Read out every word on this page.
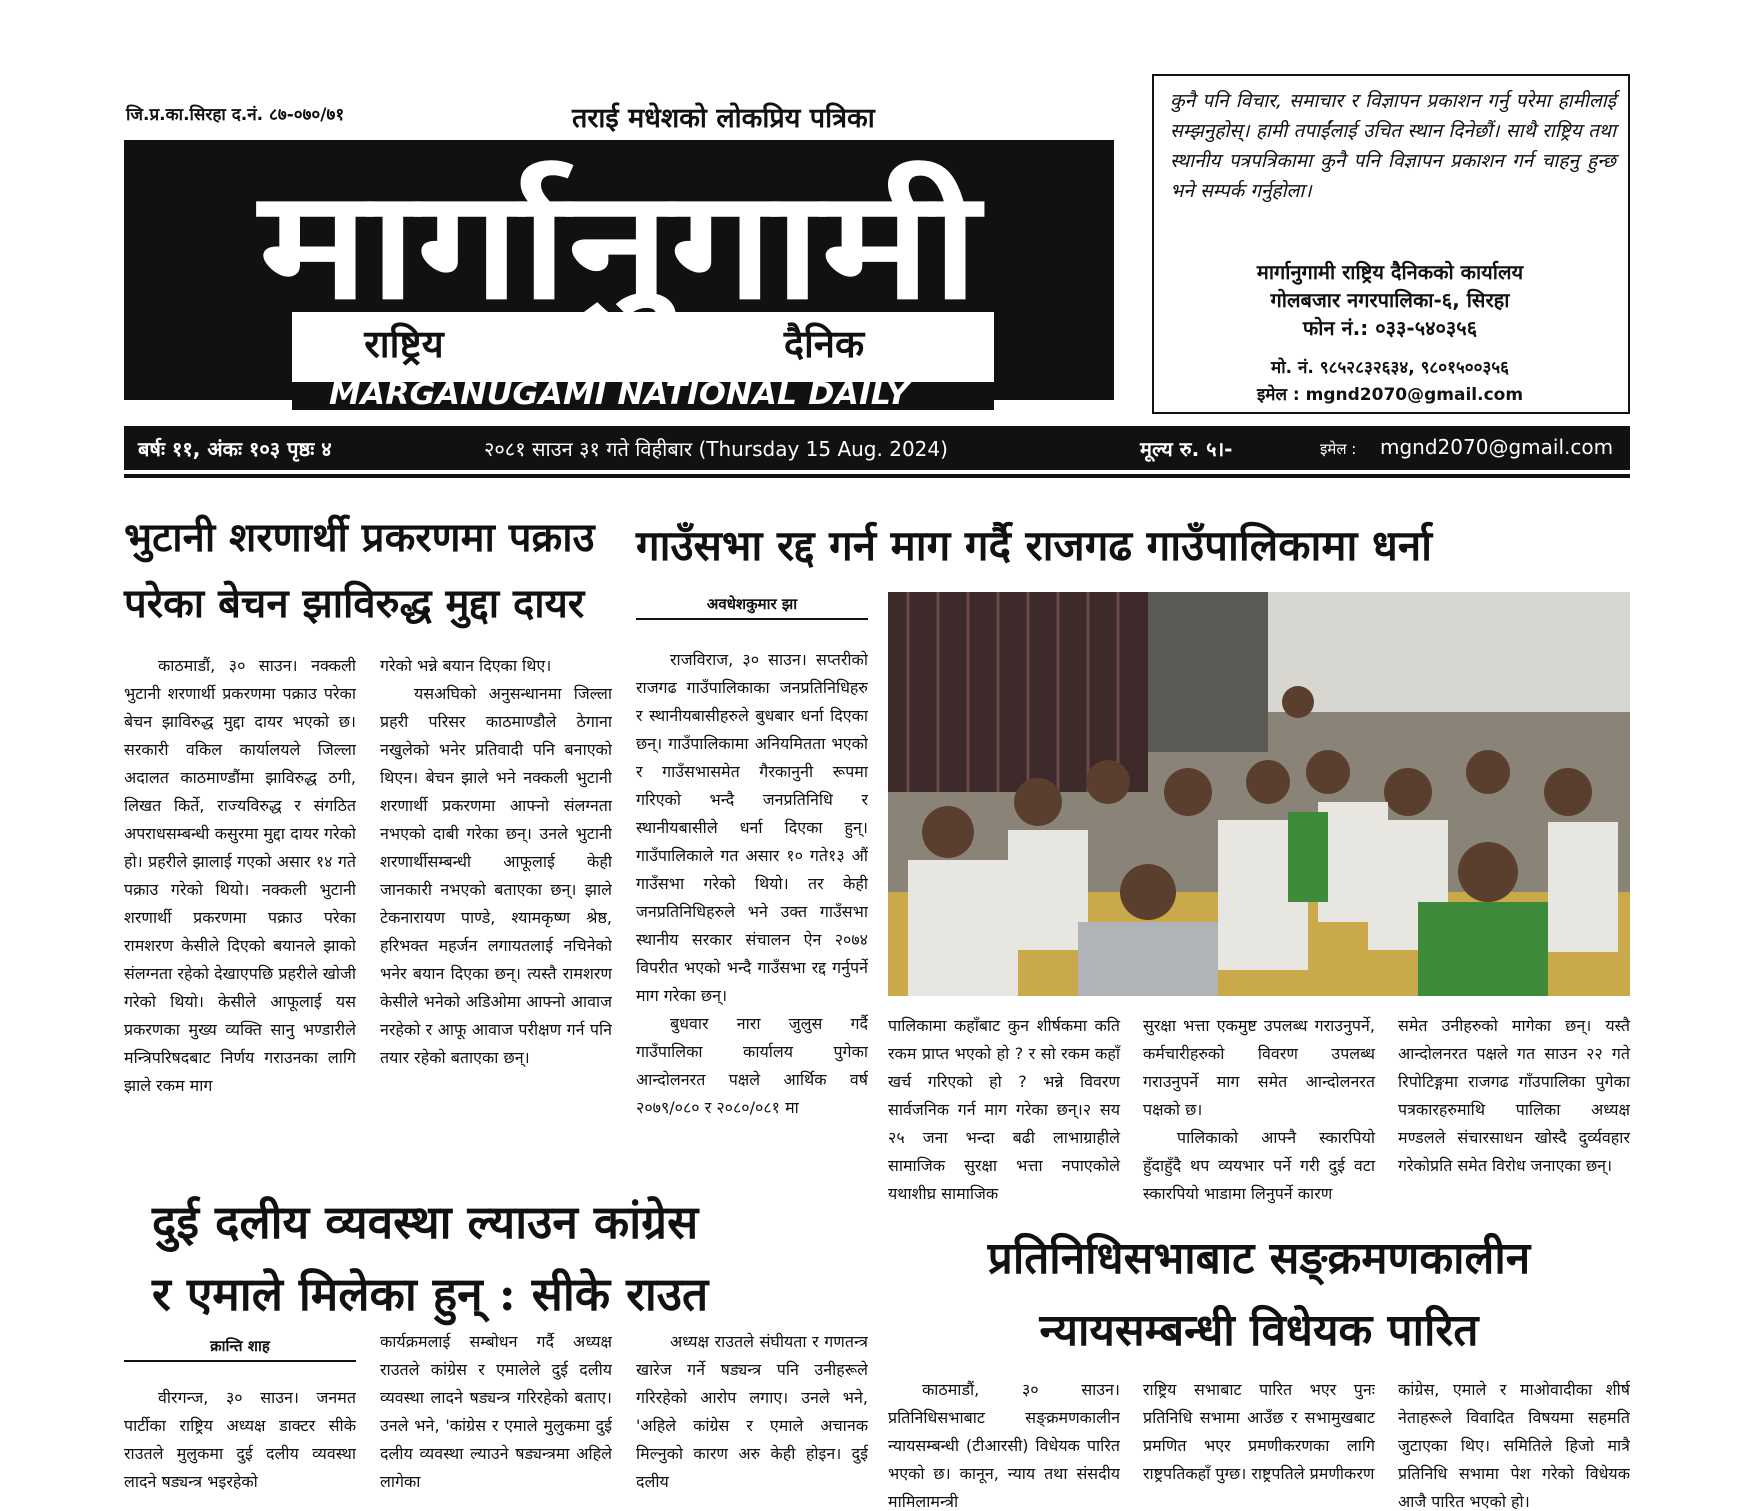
जि.प्र.का.सिरहा द.नं. ८७-०७०/७१
मार्गानुगामी
राष्ट्रिय	दैनिक
MARGANUGAMI NATIONAL DAILY
तराई मधेशको लोकप्रिय पत्रिका
कुनै पनि विचार, समाचार र विज्ञापन प्रकाशन गर्नु परेमा हामीलाई सम्झनुहोस्। हामी तपाईंलाई उचित स्थान दिनेछौं। साथै राष्ट्रिय तथा स्थानीय पत्रपत्रिकामा कुनै पनि विज्ञापन प्रकाशन गर्न चाहनु हुन्छ भने सम्पर्क गर्नुहोला।
मार्गानुगामी राष्ट्रिय दैनिकको कार्यालय
गोलबजार नगरपालिका-६, सिरहा
फोन नं.: ०३३-५४०३५६
मो. नं. ९८५२८३२६३४, ९८०१५००३५६
इमेल : mgnd2070@gmail.com
बर्षः ११, अंकः १०३ पृष्ठः ४	२०८१ साउन ३१ गते विहीबार (Thursday 15 Aug. 2024)	मूल्य रु. ५।-	इमेल : mgnd2070@gmail.com
भुटानी शरणार्थी प्रकरणमा पक्राउ
परेका बेचन झाविरुद्ध मुद्दा दायर

काठमाडौं, ३० साउन। नक्कली भुटानी शरणार्थी प्रकरणमा पक्राउ परेका बेचन झाविरुद्ध मुद्दा दायर भएको छ। सरकारी वकिल कार्यालयले जिल्ला अदालत काठमाण्डौंमा झाविरुद्ध ठगी, लिखत किर्ते, राज्यविरुद्ध र संगठित अपराधसम्बन्धी कसुरमा मुद्दा दायर गरेको हो। प्रहरीले झालाई गएको असार १४ गते पक्राउ गरेको थियो। नक्कली भुटानी शरणार्थी प्रकरणमा पक्राउ परेका रामशरण केसीले दिएको बयानले झाको संलग्नता रहेको देखाएपछि प्रहरीले खोजी गरेको थियो। केसीले आफूलाई यस प्रकरणका मुख्य व्यक्ति सानु भण्डारीले मन्त्रिपरिषदबाट निर्णय गराउनका लागि झाले रकम माग

गरेको भन्ने बयान दिएका थिए।

यसअघिको अनुसन्धानमा जिल्ला प्रहरी परिसर काठमाण्डौले ठेगाना नखुलेको भनेर प्रतिवादी पनि बनाएको थिएन। बेचन झाले भने नक्कली भुटानी शरणार्थी प्रकरणमा आफ्नो संलग्नता नभएको दाबी गरेका छन्। उनले भुटानी शरणार्थीसम्बन्धी आफूलाई केही जानकारी नभएको बताएका छन्। झाले टेकनारायण पाण्डे, श्यामकृष्ण श्रेष्ठ, हरिभक्त महर्जन लगायतलाई नचिनेको भनेर बयान दिएका छन्। त्यस्तै रामशरण केसीले भनेको अडिओमा आफ्नो आवाज नरहेको र आफू आवाज परीक्षण गर्न पनि तयार रहेको बताएका छन्।

गाउँसभा रद्द गर्न माग गर्दै राजगढ गाउँपालिकामा धर्ना
अवधेशकुमार झा

राजविराज, ३० साउन। सप्तरीको राजगढ गाउँपालिकाका जनप्रतिनिधिहरु र स्थानीयबासीहरुले बुधबार धर्ना दिएका छन्। गाउँपालिकामा अनियमितता भएको र गाउँसभासमेत गैरकानुनी रूपमा गरिएको भन्दै जनप्रतिनिधि र स्थानीयबासीले धर्ना दिएका हुन्। गाउँपालिकाले गत असार १० गते१३ औं गाउँसभा गरेको थियो। तर केही जनप्रतिनिधिहरुले भने उक्त गाउँसभा स्थानीय सरकार संचालन ऐन २०७४ विपरीत भएको भन्दै गाउँसभा रद्द गर्नुपर्ने माग गरेका छन्।

बुधवार नारा जुलुस गर्दै गाउँपालिका कार्यालय पुगेका आन्दोलनरत पक्षले आर्थिक वर्ष २०७९/०८० र २०८०/०८१ मा

पालिकामा कहाँबाट कुन शीर्षकमा कति रकम प्राप्त भएको हो ? र सो रकम कहाँ खर्च गरिएको हो ? भन्ने विवरण सार्वजनिक गर्न माग गरेका छन्।२ सय २५ जना भन्दा बढी लाभाग्राहीले सामाजिक सुरक्षा भत्ता नपाएकोले यथाशीघ्र सामाजिक

सुरक्षा भत्ता एकमुष्ट उपलब्ध गराउनुपर्ने, कर्मचारीहरुको विवरण उपलब्ध गराउनुपर्ने माग समेत आन्दोलनरत पक्षको छ।

पालिकाको आफ्नै स्कारपियो हुँदाहुँदै थप व्ययभार पर्ने गरी दुई वटा स्कारपियो भाडामा लिनुपर्ने कारण

समेत उनीहरुको मागेका छन्। यस्तै आन्दोलनरत पक्षले गत साउन २२ गते रिपोटिङ्गमा राजगढ गाँउपालिका पुगेका पत्रकारहरुमाथि पालिका अध्यक्ष मण्डलले संचारसाधन खोस्दै दुर्व्यवहार गरेकोप्रति समेत विरोध जनाएका छन्।

दुई दलीय व्यवस्था ल्याउन कांग्रेस
र एमाले मिलेका हुन् : सीके राउत
क्रान्ति शाह

वीरगन्ज, ३० साउन। जनमत पार्टीका राष्ट्रिय अध्यक्ष डाक्टर सीके राउतले मुलुकमा दुई दलीय व्यवस्था लादने षड्यन्त्र भइरहेको

कार्यक्रमलाई सम्बोधन गर्दै अध्यक्ष राउतले कांग्रेस र एमालेले दुई दलीय व्यवस्था लादने षड्यन्त्र गरिरहेको बताए। उनले भने, 'कांग्रेस र एमाले मुलुकमा दुई दलीय व्यवस्था ल्याउने षड्यन्त्रमा अहिले लागेका

अध्यक्ष राउतले संघीयता र गणतन्त्र खारेज गर्ने षड्यन्त्र पनि उनीहरूले गरिरहेको आरोप लगाए। उनले भने, 'अहिले कांग्रेस र एमाले अचानक मिल्नुको कारण अरु केही होइन। दुई दलीय

प्रतिनिधिसभाबाट सङ्क्रमणकालीन
न्यायसम्बन्धी विधेयक पारित

काठमाडौं, ३० साउन। प्रतिनिधिसभाबाट सङ्क्रमणकालीन न्यायसम्बन्धी (टीआरसी) विधेयक पारित भएको छ। कानून, न्याय तथा संसदीय मामिलामन्त्री

राष्ट्रिय सभाबाट पारित भएर पुनः प्रतिनिधि सभामा आउँछ र सभामुखबाट प्रमणित भएर प्रमणीकरणका लागि राष्ट्रपतिकहाँ पुग्छ। राष्ट्रपतिले प्रमणीकरण

कांग्रेस, एमाले र माओवादीका शीर्ष नेताहरूले विवादित विषयमा सहमति जुटाएका थिए। समितिले हिजो मात्रै प्रतिनिधि सभामा पेश गरेको विधेयक आजै पारित भएको हो।
